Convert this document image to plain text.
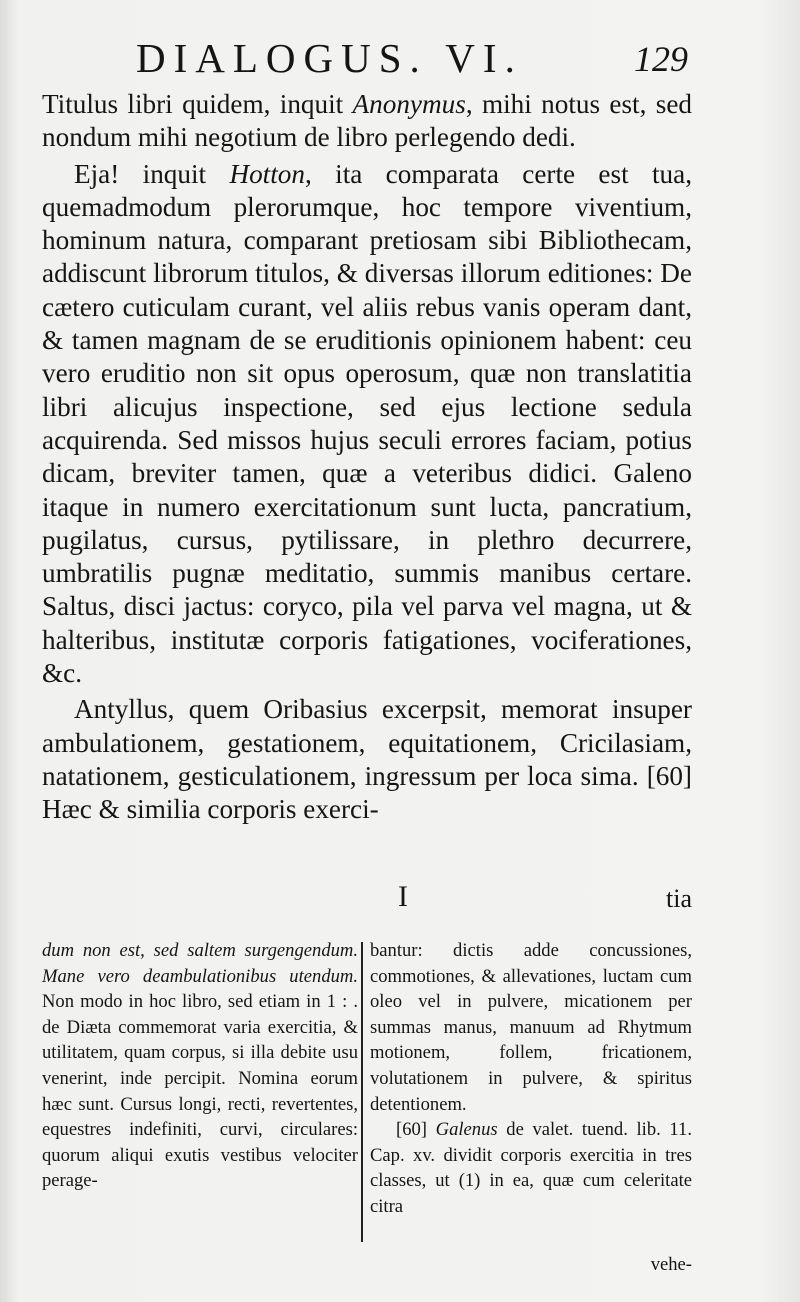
DIALOGUS. VI.	129

Titulus libri quidem, inquit Anonymus, mihi notus est, sed nondum mihi negotium de libro perlegendo dedi.

Eja! inquit Hotton, ita comparata certe est tua, quemadmodum plerorumque, hoc tempore viventium, hominum natura, comparant pretiosam sibi Bibliothecam, addiscunt librorum titulos, & diversas illorum editiones: De cætero cuticulam curant, vel aliis rebus vanis operam dant, & tamen magnam de se eruditionis opinionem habent: ceu vero eruditio non sit opus operosum, quæ non translatitia libri alicujus inspectione, sed ejus lectione sedula acquirenda. Sed missos hujus seculi errores faciam, potius dicam, breviter tamen, quæ a veteribus didici. Galeno itaque in numero exercitationum sunt lucta, pancratium, pugilatus, cursus, pytilissare, in plethro decurrere, umbratilis pugnæ meditatio, summis manibus certare. Saltus, disci jactus: coryco, pila vel parva vel magna, ut & halteribus, institutæ corporis fatigationes, vociferationes, &c.

Antyllus, quem Oribasius excerpsit, memorat insuper ambulationem, gestationem, equitationem, Cricilasiam, natationem, gesticulationem, ingressum per loca sima. [60] Hæc & similia corporis exerci-

I	tia

dum non est, sed saltem surgengendum. Mane vero deambulationibus utendum. Non modo in hoc libro, sed etiam in 1 : . de Diæta commemorat varia exercitia, & utilitatem, quam corpus, si illa debite usu venerint, inde percipit. Nomina eorum hæc sunt. Cursus longi, recti, revertentes, equestres indefiniti, curvi, circulares: quorum aliqui exutis vestibus velociter perage-

bantur: dictis adde concussiones, commotiones, & allevationes, luctam cum oleo vel in pulvere, micationem per summas manus, manuum ad Rhytmum motionem, follem, fricationem, volutationem in pulvere, & spiritus detentionem.

[60] Galenus de valet. tuend. lib. 11. Cap. xv. dividit corporis exercitia in tres classes, ut (1) in ea, quæ cum celeritate citra

vehe-
